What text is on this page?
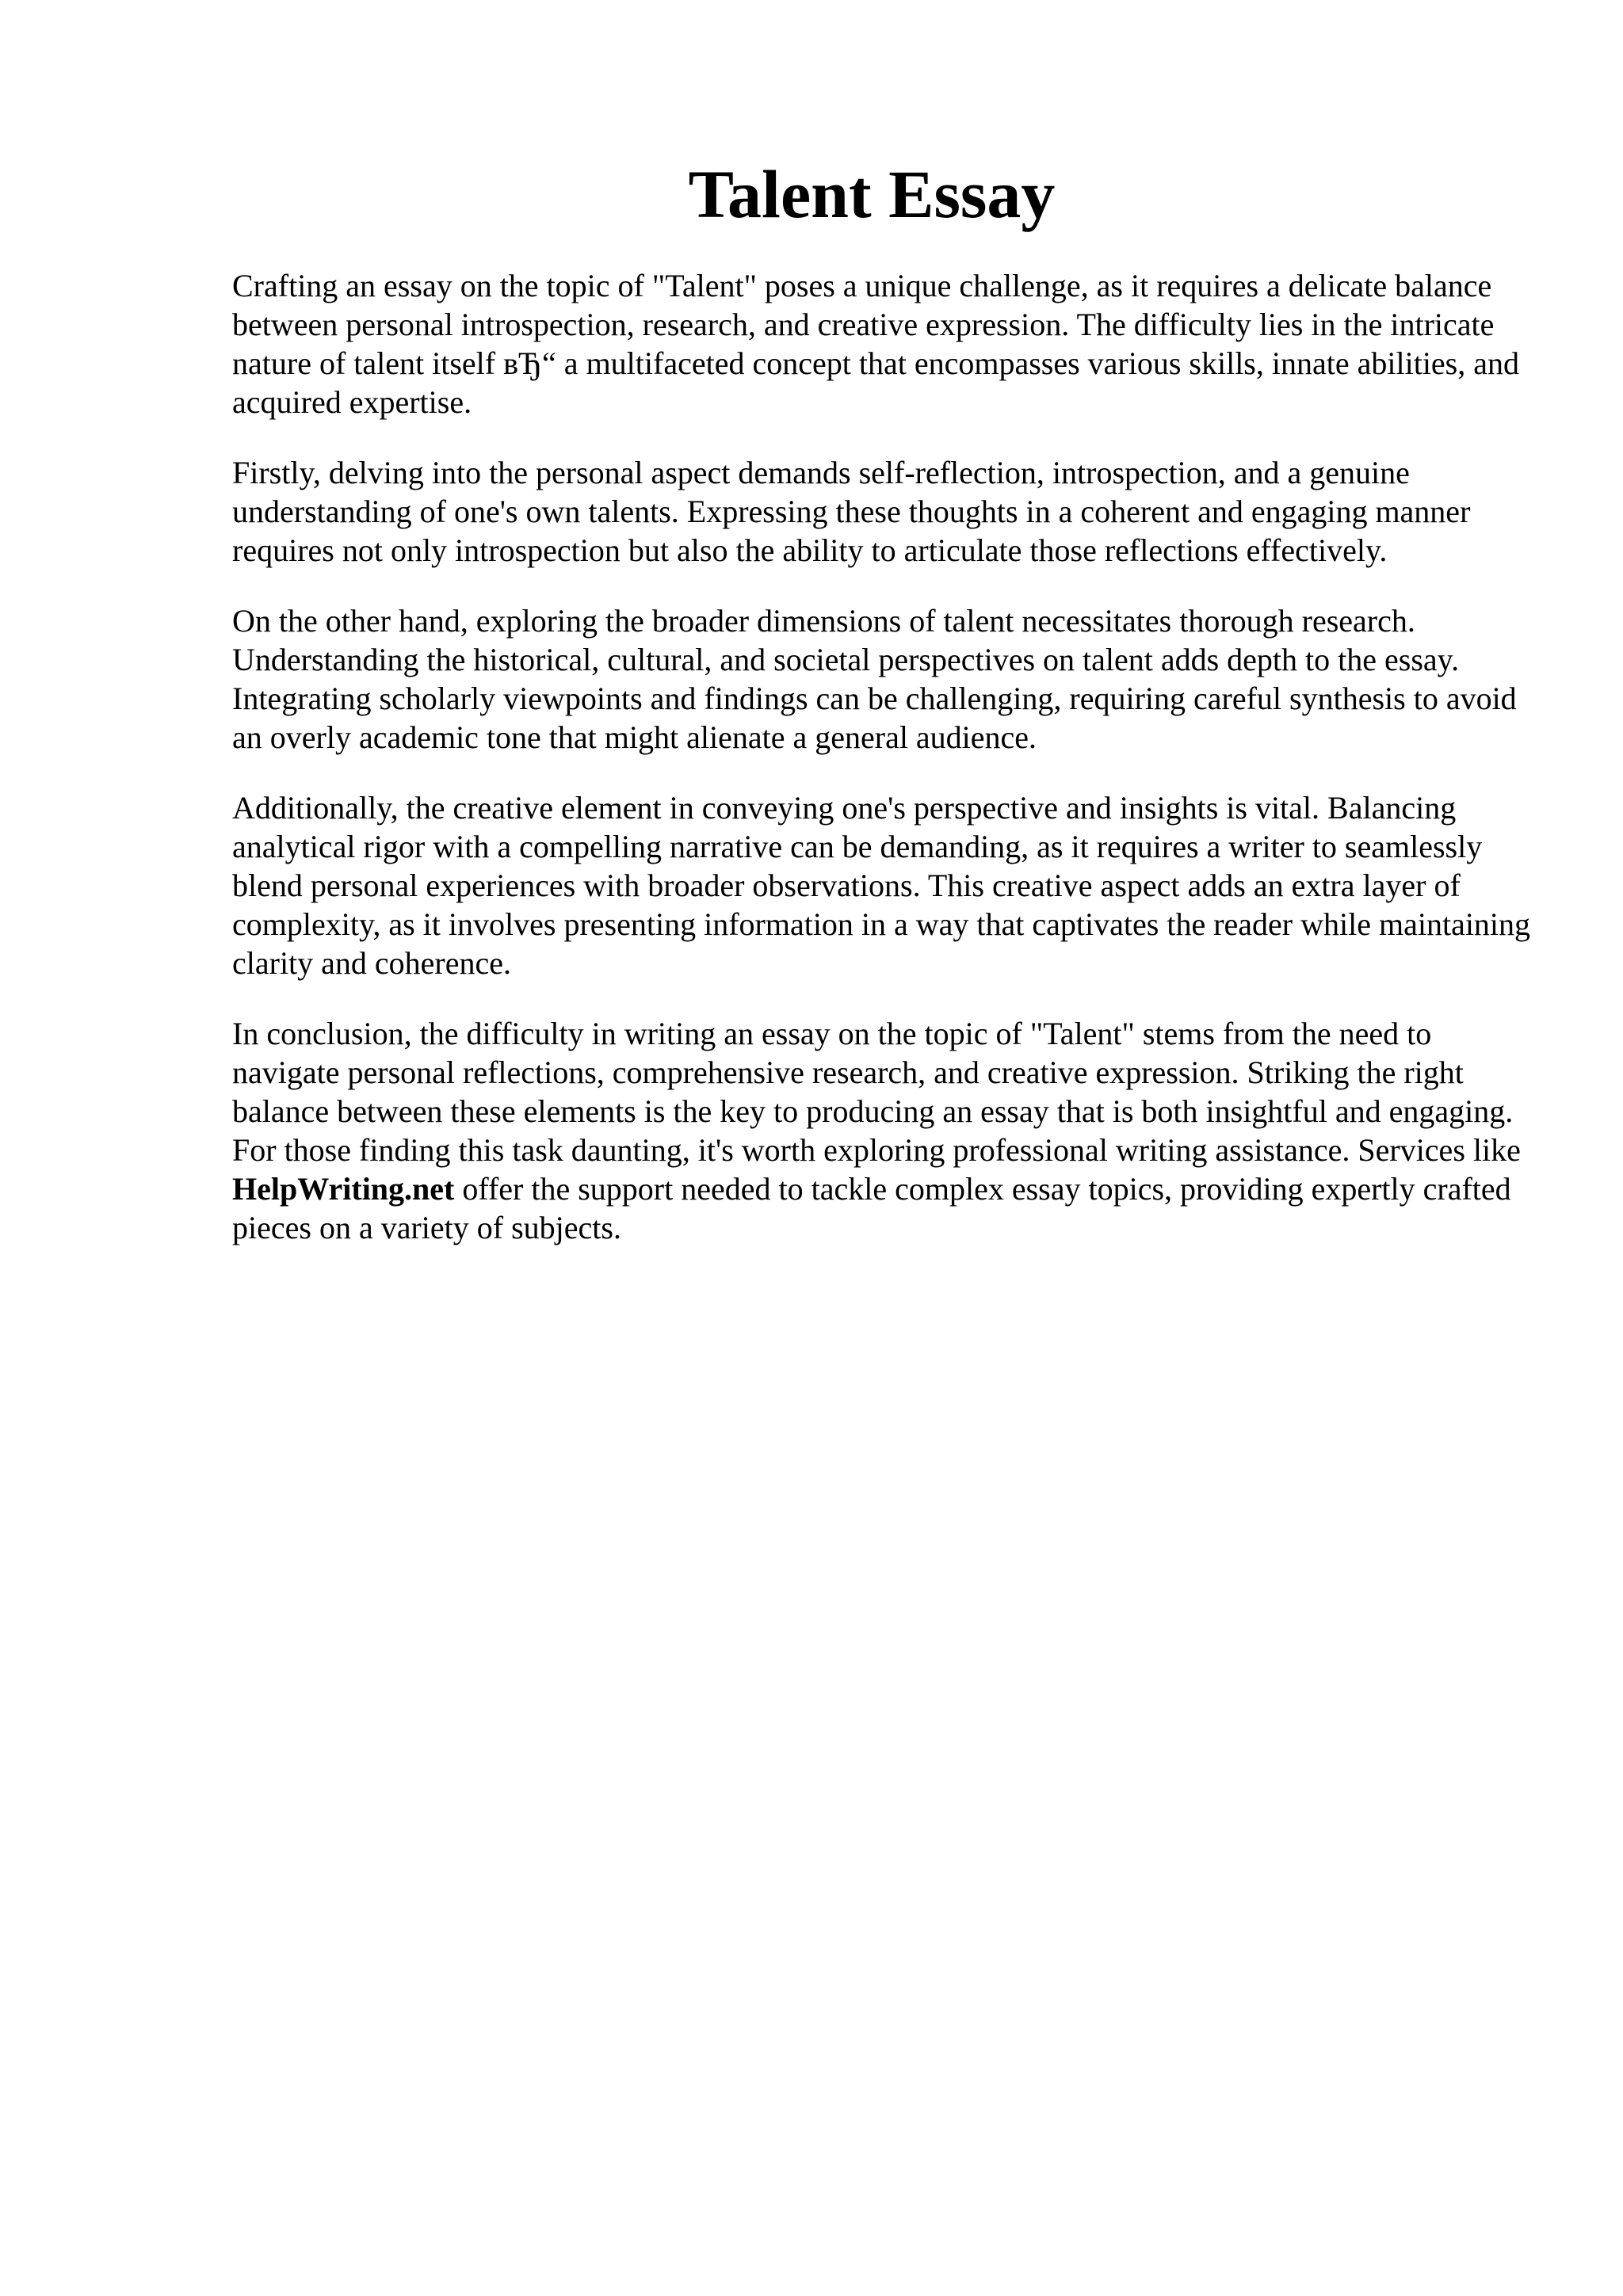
Talent Essay

Crafting an essay on the topic of "Talent" poses a unique challenge, as it requires a delicate balance between personal introspection, research, and creative expression. The difficulty lies in the intricate nature of talent itself вЂ“ a multifaceted concept that encompasses various skills, innate abilities, and acquired expertise.

Firstly, delving into the personal aspect demands self-reflection, introspection, and a genuine understanding of one's own talents. Expressing these thoughts in a coherent and engaging manner requires not only introspection but also the ability to articulate those reflections effectively.

On the other hand, exploring the broader dimensions of talent necessitates thorough research. Understanding the historical, cultural, and societal perspectives on talent adds depth to the essay. Integrating scholarly viewpoints and findings can be challenging, requiring careful synthesis to avoid an overly academic tone that might alienate a general audience.

Additionally, the creative element in conveying one's perspective and insights is vital. Balancing analytical rigor with a compelling narrative can be demanding, as it requires a writer to seamlessly blend personal experiences with broader observations. This creative aspect adds an extra layer of complexity, as it involves presenting information in a way that captivates the reader while maintaining clarity and coherence.

In conclusion, the difficulty in writing an essay on the topic of "Talent" stems from the need to navigate personal reflections, comprehensive research, and creative expression. Striking the right balance between these elements is the key to producing an essay that is both insightful and engaging. For those finding this task daunting, it's worth exploring professional writing assistance. Services like HelpWriting.net offer the support needed to tackle complex essay topics, providing expertly crafted pieces on a variety of subjects.
